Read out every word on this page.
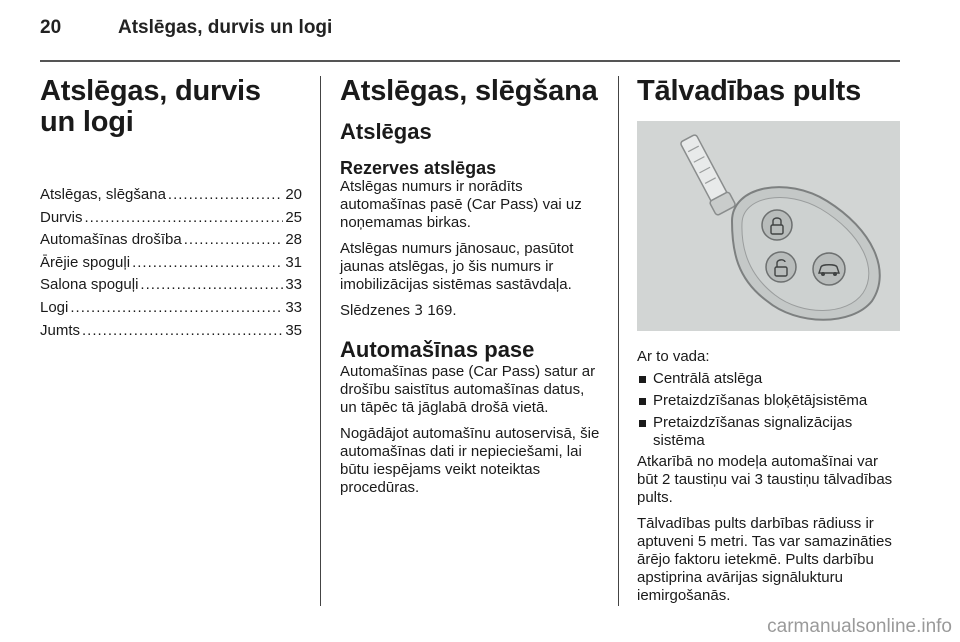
20	Atslēgas, durvis un logi
Atslēgas, durvis un logi
Atslēgas, slēgšana .....	20
Durvis .....	25
Automašīnas drošība .....	28
Ārējie spoguļi .....	31
Salona spoguļi .....	33
Logi .....	33
Jumts .....	35
Atslēgas, slēgšana
Atslēgas
Rezerves atslēgas

Atslēgas numurs ir norādīts automašīnas pasē (Car Pass) vai uz noņemamas birkas.

Atslēgas numurs jānosauc, pasūtot jaunas atslēgas, jo šis numurs ir imobilizācijas sistēmas sastāvdaļa.

Slēdzenes 3 169.

Automašīnas pase

Automašīnas pase (Car Pass) satur ar drošību saistītus automašīnas datus, un tāpēc tā jāglabā drošā vietā.

Nogādājot automašīnu autoservisā, šie automašīnas dati ir nepieciešami, lai būtu iespējams veikt noteiktas procedūras.

Tālvadības pults

Ar to vada:

Centrālā atslēga
Pretaizdzīšanas bloķētājsistēma
Pretaizdzīšanas signalizācijas sistēma

Atkarībā no modeļa automašīnai var būt 2 taustiņu vai 3 taustiņu tālvadības pults.

Tālvadības pults darbības rādiuss ir aptuveni 5 metri. Tas var samazināties ārējo faktoru ietekmē. Pults darbību apstiprina avārijas signālukturu iemirgošanās.

carmanualsonline.info
